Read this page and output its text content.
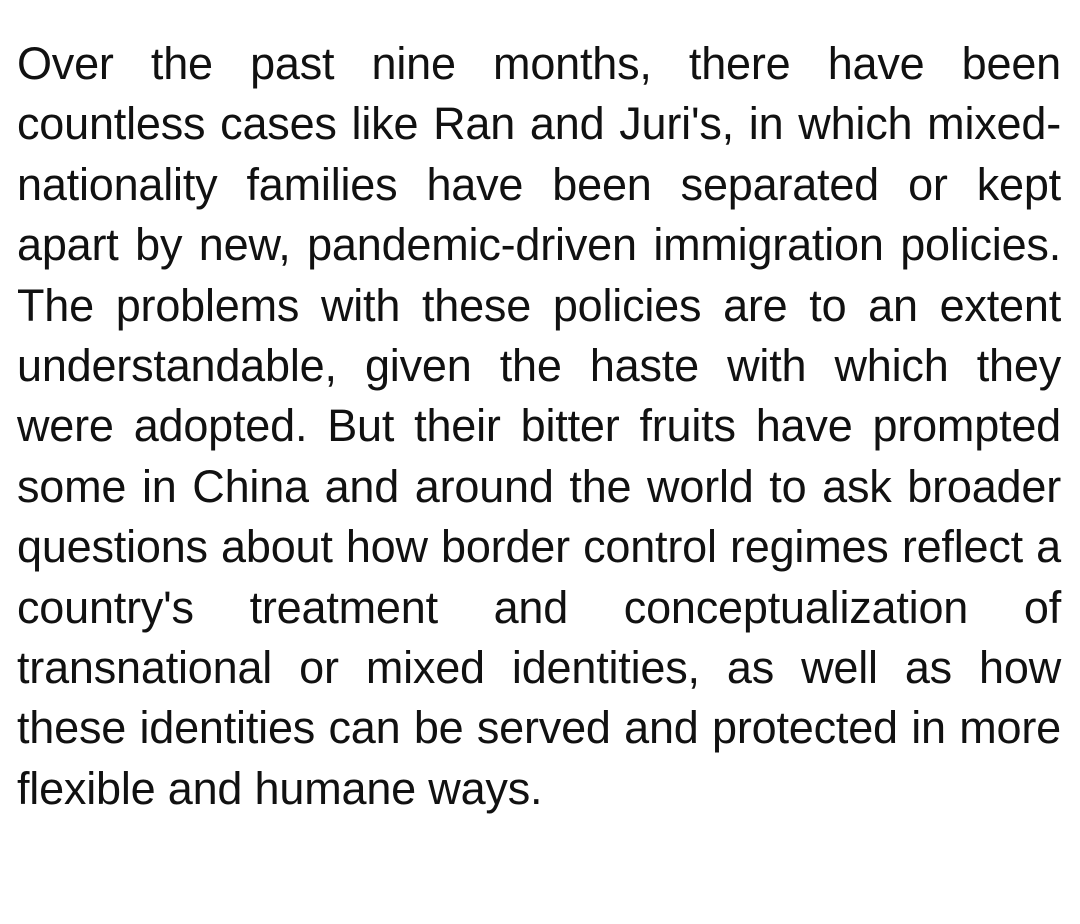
Over the past nine months, there have been countless cases like Ran and Juri's, in which mixed-nationality families have been separated or kept apart by new, pandemic-driven immigration policies. The problems with these policies are to an extent understandable, given the haste with which they were adopted. But their bitter fruits have prompted some in China and around the world to ask broader questions about how border control regimes reflect a country's treatment and conceptualization of transnational or mixed identities, as well as how these identities can be served and protected in more flexible and humane ways.
